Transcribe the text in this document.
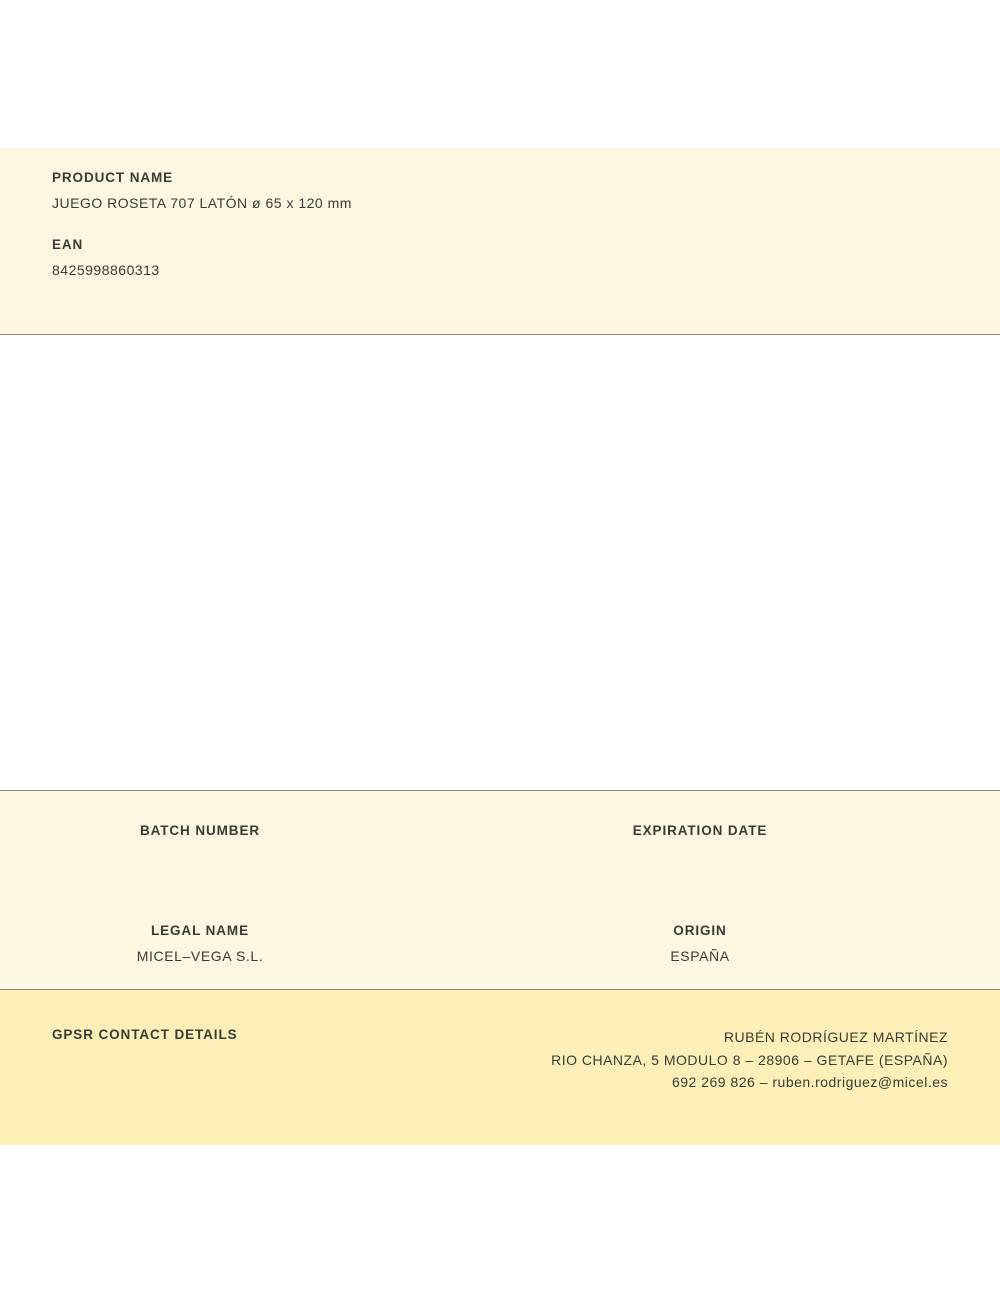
PRODUCT NAME
JUEGO ROSETA 707 LATÓN ø 65 x 120 mm
EAN
8425998860313
BATCH NUMBER	EXPIRATION DATE
LEGAL NAME
MICEL–VEGA S.L.
ORIGIN
ESPAÑA
GPSR CONTACT DETAILS	RUBÉN RODRÍGUEZ MARTÍNEZ
RIO CHANZA, 5 MODULO 8 – 28906 – GETAFE (ESPAÑA)
692 269 826 – ruben.rodriguez@micel.es
